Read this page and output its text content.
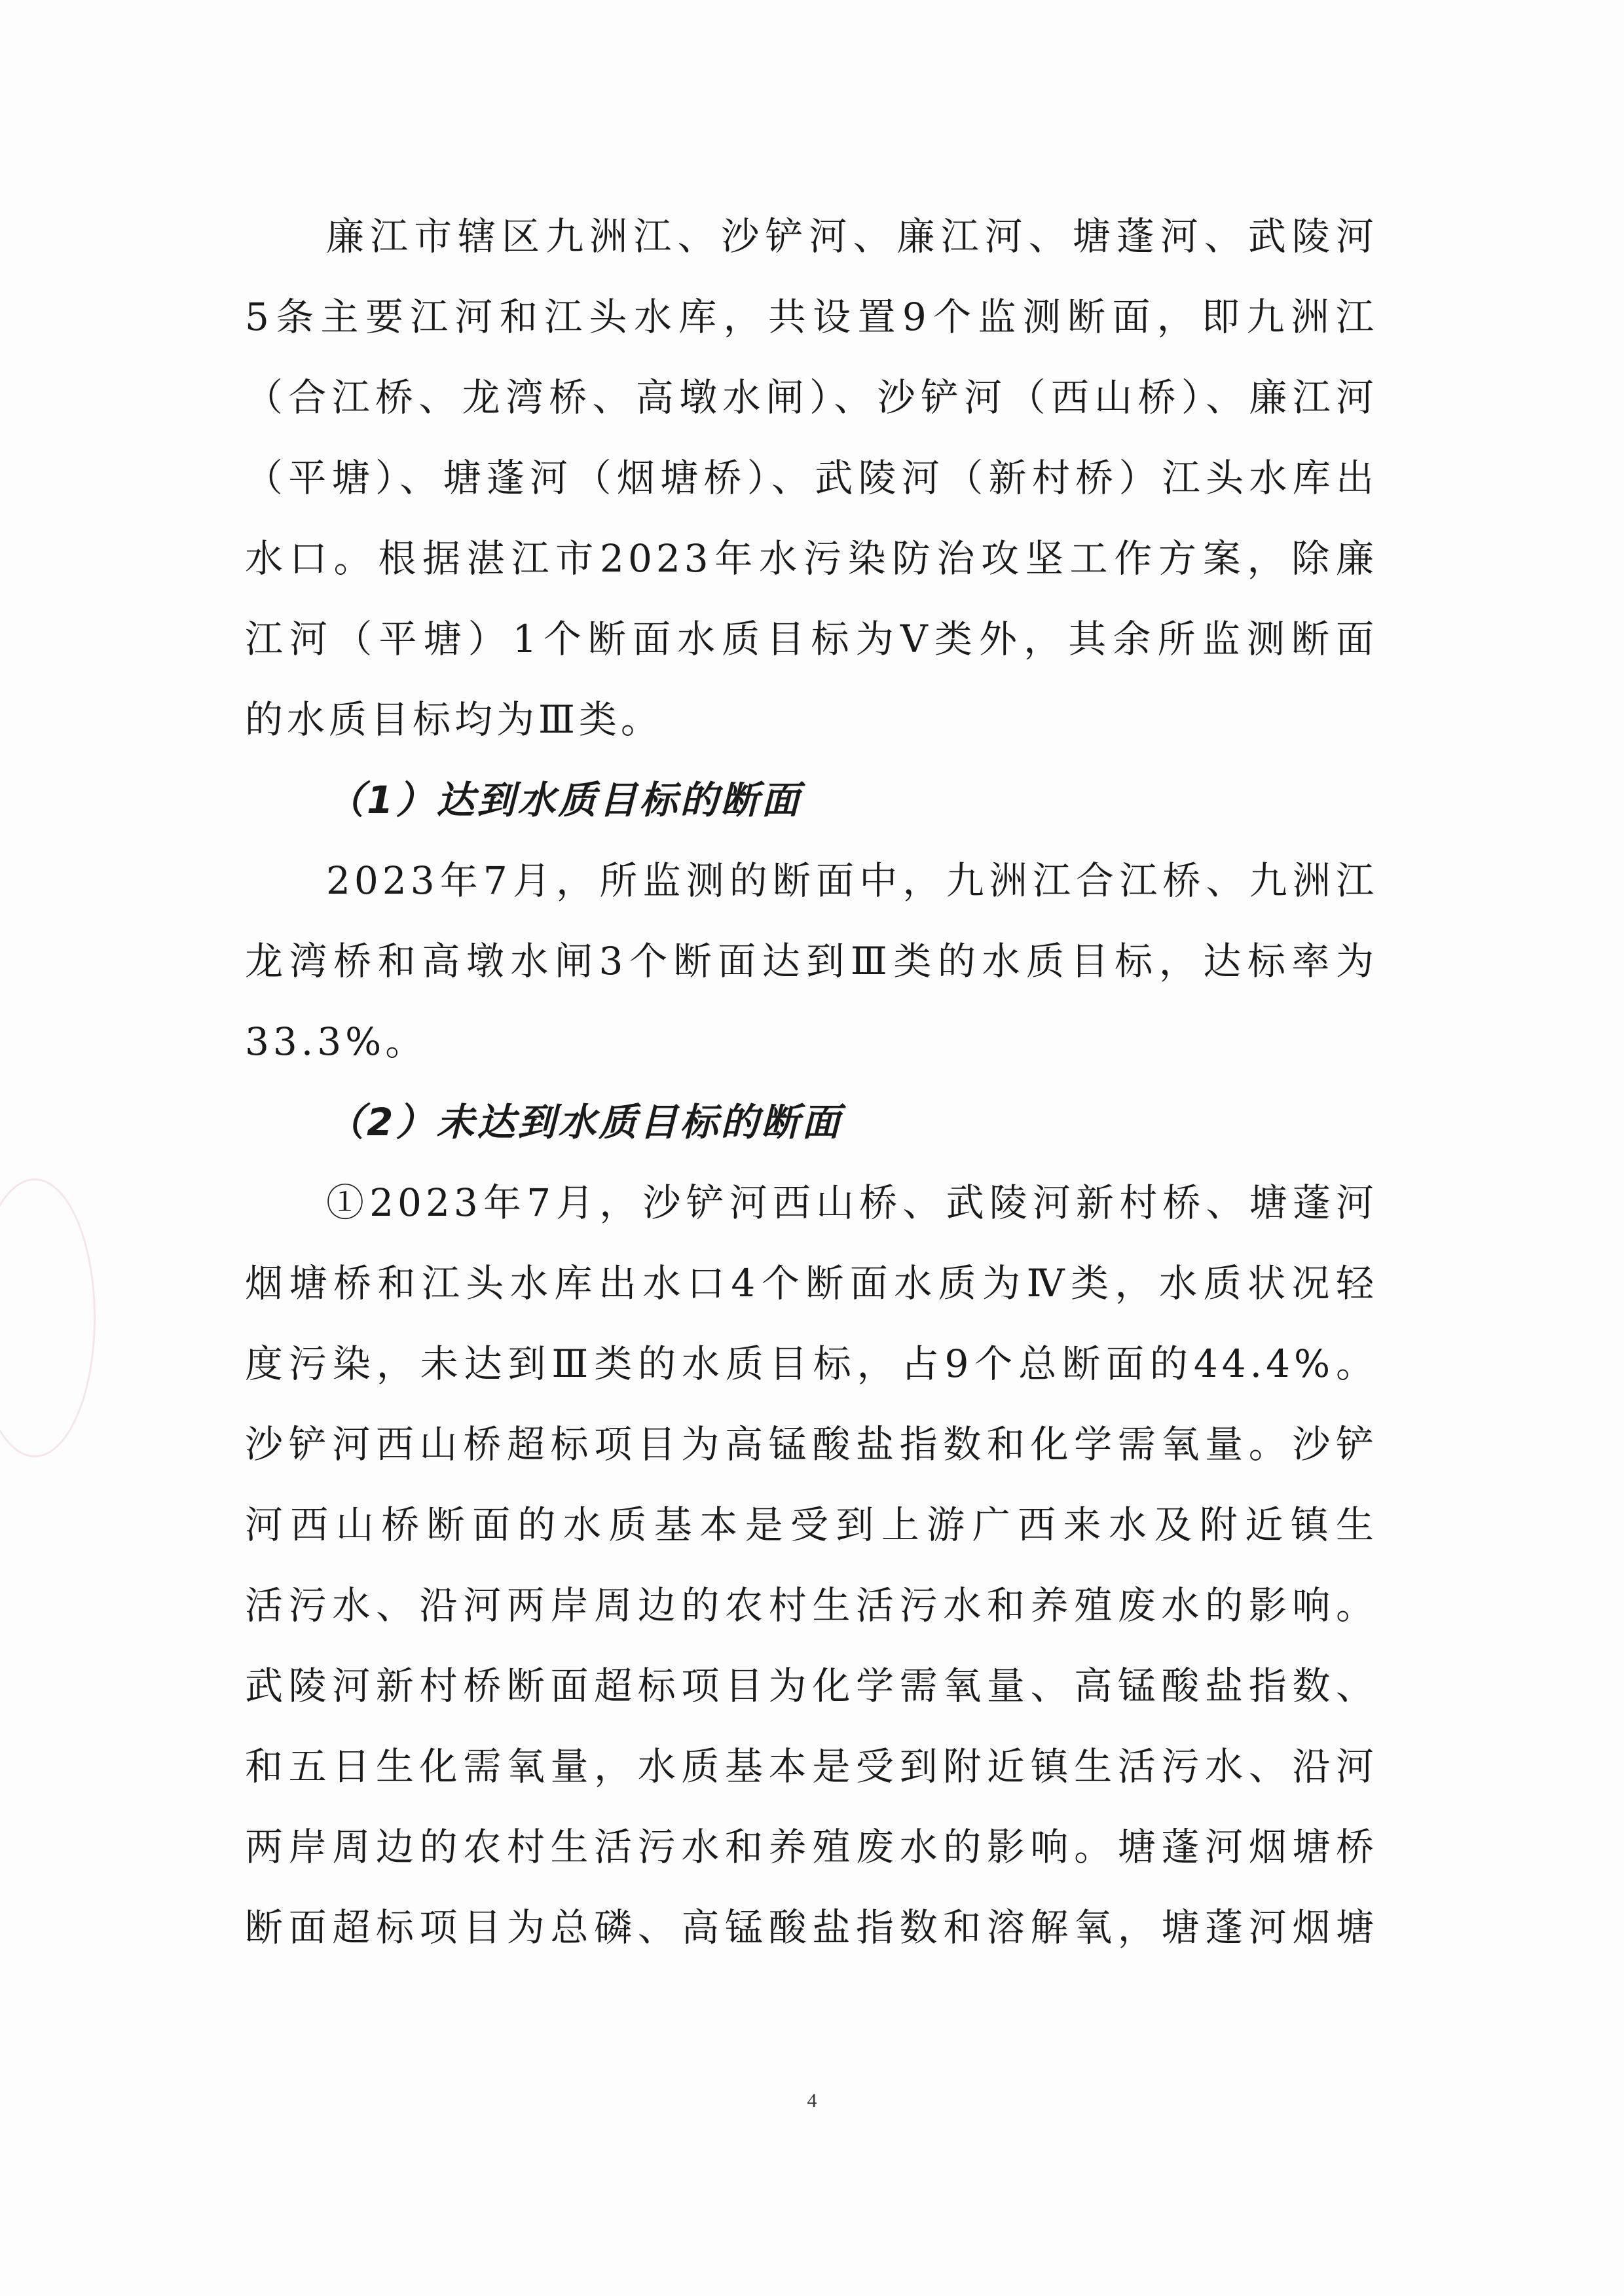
廉江市辖区九洲江、沙铲河、廉江河、塘蓬河、武陵河
5条主要江河和江头水库，共设置9个监测断面，即九洲江
（合江桥、龙湾桥、高墩水闸）、沙铲河（西山桥）、廉江河
（平塘）、塘蓬河（烟塘桥）、武陵河（新村桥）江头水库出
水口。根据湛江市2023年水污染防治攻坚工作方案，除廉
江河（平塘）1个断面水质目标为Ⅴ类外，其余所监测断面
的水质目标均为Ⅲ类。
（1）达到水质目标的断面
2023年7月，所监测的断面中，九洲江合江桥、九洲江
龙湾桥和高墩水闸3个断面达到Ⅲ类的水质目标，达标率为
33.3%。
（2）未达到水质目标的断面
①2023年7月，沙铲河西山桥、武陵河新村桥、塘蓬河
烟塘桥和江头水库出水口4个断面水质为Ⅳ类，水质状况轻
度污染，未达到Ⅲ类的水质目标，占9个总断面的44.4%。
沙铲河西山桥超标项目为高锰酸盐指数和化学需氧量。沙铲
河西山桥断面的水质基本是受到上游广西来水及附近镇生
活污水、沿河两岸周边的农村生活污水和养殖废水的影响。
武陵河新村桥断面超标项目为化学需氧量、高锰酸盐指数、
和五日生化需氧量，水质基本是受到附近镇生活污水、沿河
两岸周边的农村生活污水和养殖废水的影响。塘蓬河烟塘桥
断面超标项目为总磷、高锰酸盐指数和溶解氧，塘蓬河烟塘
4
